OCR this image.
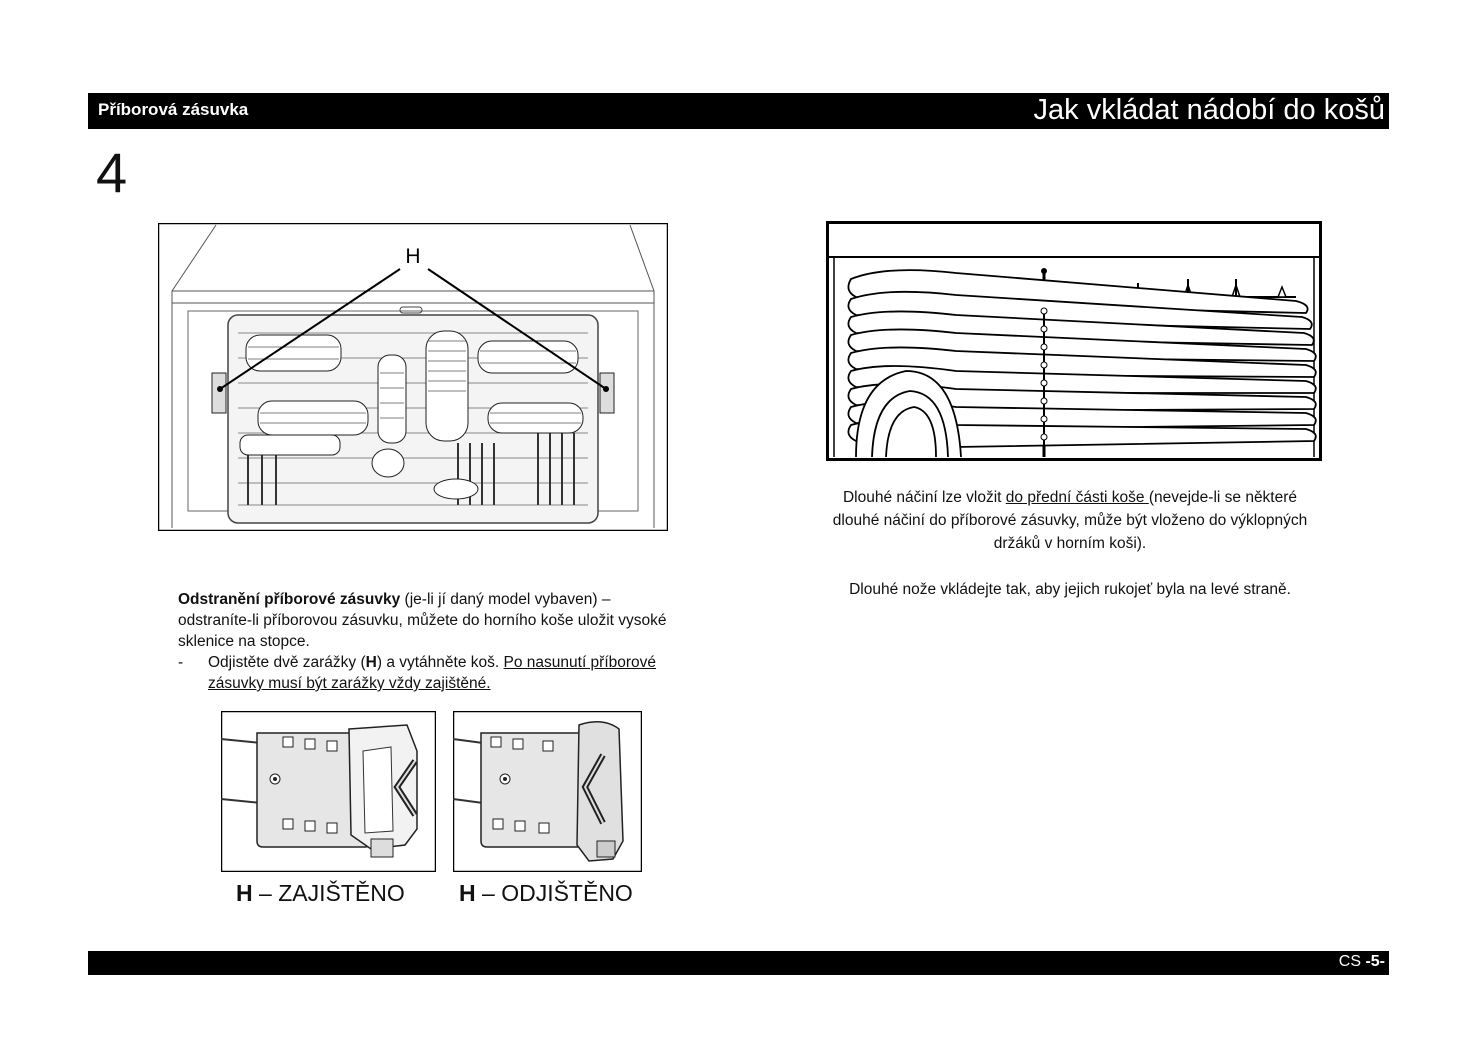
Příborová zásuvka	Jak vkládat nádobí do košů
4
H

Odstranění příborové zásuvky (je-li jí daný model vybaven) – odstraníte-li příborovou zásuvku, můžete do horního koše uložit vysoké sklenice na stopce.

- Odjistěte dvě zarážky (H) a vytáhněte koš. Po nasunutí příborové zásuvky musí být zarážky vždy zajištěné.

H – ZAJIŠTĚNO H – ODJIŠTĚNO

Dlouhé náčiní lze vložit do přední části koše (nevejde-li se některé dlouhé náčiní do příborové zásuvky, může být vloženo do výklopných držáků v horním koši).

Dlouhé nože vkládejte tak, aby jejich rukojeť byla na levé straně.

CS -5-
